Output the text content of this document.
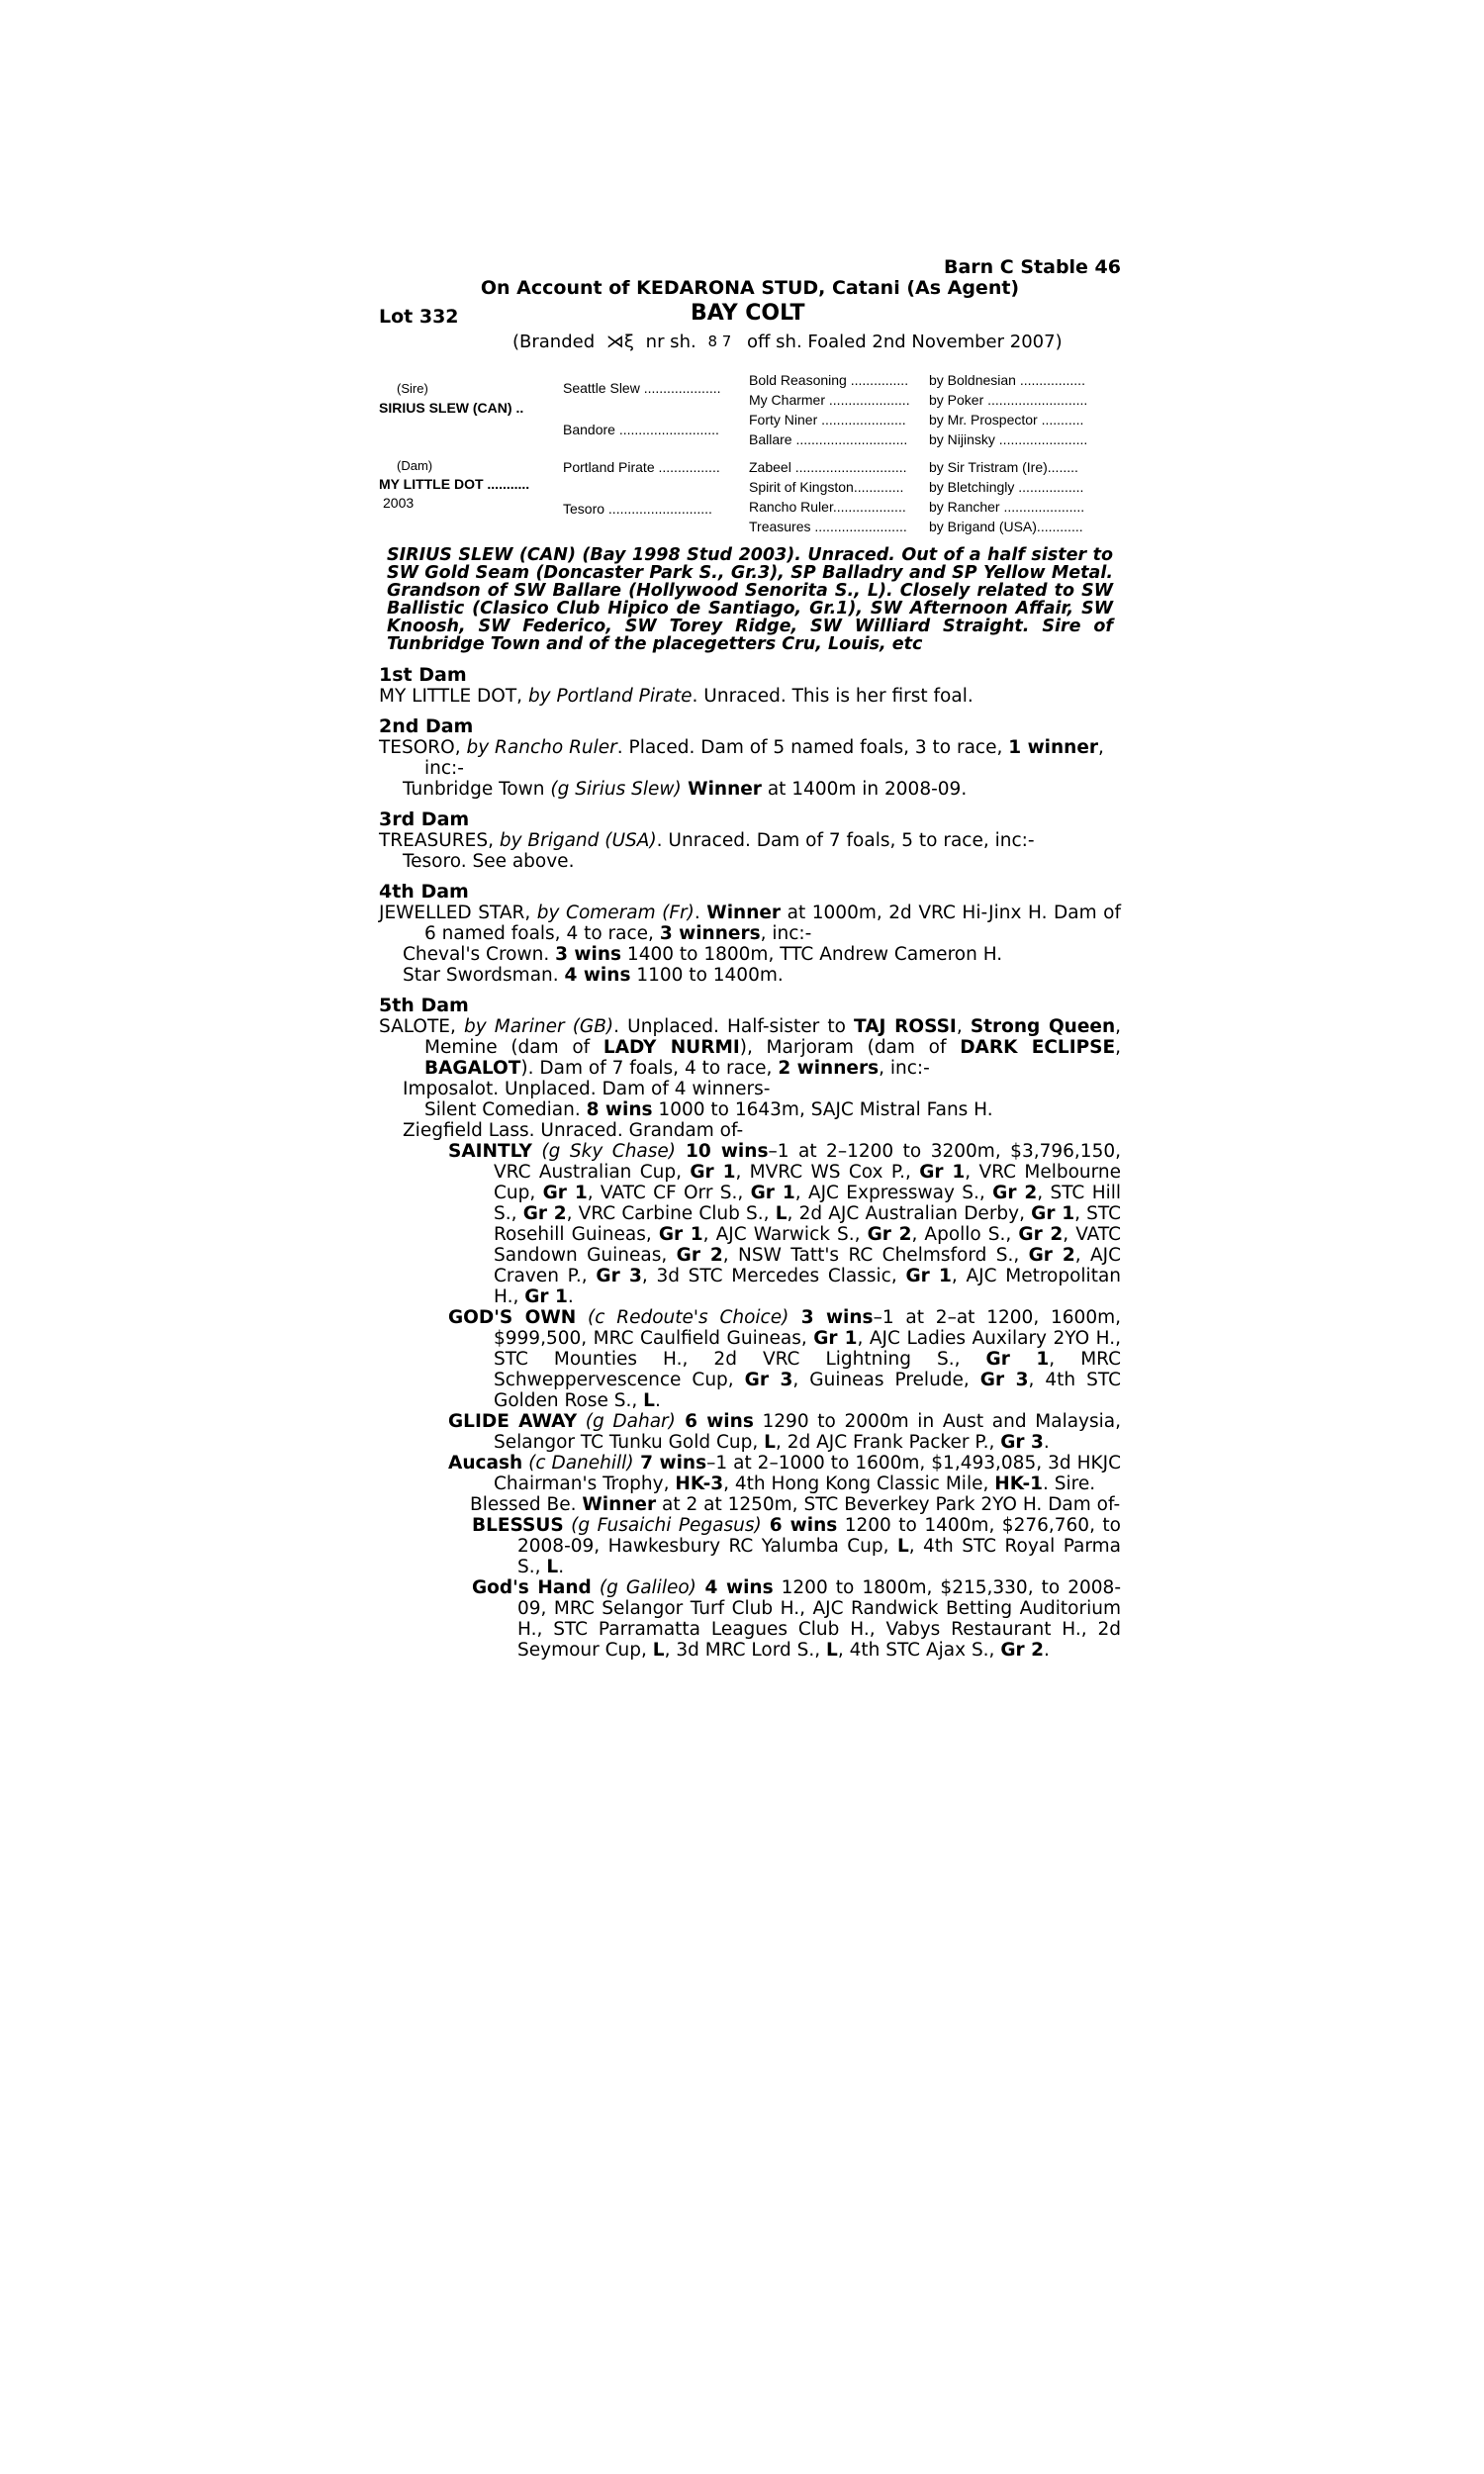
Barn C Stable 46
On Account of KEDARONA STUD, Catani (As Agent)
Lot 332	BAY COLT
(Branded ⋊ξ nr sh. 8 7 off sh. Foaled 2nd November 2007)
(Sire)
SIRIUS SLEW (CAN) ..
(Dam)
MY LITTLE DOT ...........
2003
Seattle Slew ....................
Bandore ..........................
Portland Pirate ................
Tesoro ...........................
Bold Reasoning ...............
My Charmer .....................
Forty Niner ......................
Ballare .............................
Zabeel .............................
Spirit of Kingston.............
Rancho Ruler...................
Treasures ........................
by Boldnesian .................
by Poker ..........................
by Mr. Prospector ...........
by Nijinsky .......................
by Sir Tristram (Ire)........
by Bletchingly .................
by Rancher .....................
by Brigand (USA)............
SIRIUS SLEW (CAN) (Bay 1998 Stud 2003). Unraced. Out of a half sister to SW Gold Seam (Doncaster Park S., Gr.3), SP Balladry and SP Yellow Metal. Grandson of SW Ballare (Hollywood Senorita S., L). Closely related to SW Ballistic (Clasico Club Hipico de Santiago, Gr.1), SW Afternoon Affair, SW Knoosh, SW Federico, SW Torey Ridge, SW Williard Straight. Sire of Tunbridge Town and of the placegetters Cru, Louis, etc
1st Dam

MY LITTLE DOT, by Portland Pirate. Unraced. This is her first foal.

2nd Dam

TESORO, by Rancho Ruler. Placed. Dam of 5 named foals, 3 to race, 1 winner, inc:-

Tunbridge Town (g Sirius Slew) Winner at 1400m in 2008-09.

3rd Dam

TREASURES, by Brigand (USA). Unraced. Dam of 7 foals, 5 to race, inc:-

Tesoro. See above.

4th Dam

JEWELLED STAR, by Comeram (Fr). Winner at 1000m, 2d VRC Hi-Jinx H. Dam of 6 named foals, 4 to race, 3 winners, inc:-

Cheval's Crown. 3 wins 1400 to 1800m, TTC Andrew Cameron H.

Star Swordsman. 4 wins 1100 to 1400m.

5th Dam

SALOTE, by Mariner (GB). Unplaced. Half-sister to TAJ ROSSI, Strong Queen, Memine (dam of LADY NURMI), Marjoram (dam of DARK ECLIPSE, BAGALOT). Dam of 7 foals, 4 to race, 2 winners, inc:-

Imposalot. Unplaced. Dam of 4 winners-

Silent Comedian. 8 wins 1000 to 1643m, SAJC Mistral Fans H.

Ziegfield Lass. Unraced. Grandam of-

SAINTLY (g Sky Chase) 10 wins–1 at 2–1200 to 3200m, $3,796,150, VRC Australian Cup, Gr 1, MVRC WS Cox P., Gr 1, VRC Melbourne Cup, Gr 1, VATC CF Orr S., Gr 1, AJC Expressway S., Gr 2, STC Hill S., Gr 2, VRC Carbine Club S., L, 2d AJC Australian Derby, Gr 1, STC Rosehill Guineas, Gr 1, AJC Warwick S., Gr 2, Apollo S., Gr 2, VATC Sandown Guineas, Gr 2, NSW Tatt's RC Chelmsford S., Gr 2, AJC Craven P., Gr 3, 3d STC Mercedes Classic, Gr 1, AJC Metropolitan H., Gr 1.

GOD'S OWN (c Redoute's Choice) 3 wins–1 at 2–at 1200, 1600m, $999,500, MRC Caulfield Guineas, Gr 1, AJC Ladies Auxilary 2YO H., STC Mounties H., 2d VRC Lightning S., Gr 1, MRC Schweppervescence Cup, Gr 3, Guineas Prelude, Gr 3, 4th STC Golden Rose S., L.

GLIDE AWAY (g Dahar) 6 wins 1290 to 2000m in Aust and Malaysia, Selangor TC Tunku Gold Cup, L, 2d AJC Frank Packer P., Gr 3.

Aucash (c Danehill) 7 wins–1 at 2–1000 to 1600m, $1,493,085, 3d HKJC Chairman's Trophy, HK-3, 4th Hong Kong Classic Mile, HK-1. Sire.

Blessed Be. Winner at 2 at 1250m, STC Beverkey Park 2YO H. Dam of-

BLESSUS (g Fusaichi Pegasus) 6 wins 1200 to 1400m, $276,760, to 2008-09, Hawkesbury RC Yalumba Cup, L, 4th STC Royal Parma S., L.

God's Hand (g Galileo) 4 wins 1200 to 1800m, $215,330, to 2008-09, MRC Selangor Turf Club H., AJC Randwick Betting Auditorium H., STC Parramatta Leagues Club H., Vabys Restaurant H., 2d Seymour Cup, L, 3d MRC Lord S., L, 4th STC Ajax S., Gr 2.
